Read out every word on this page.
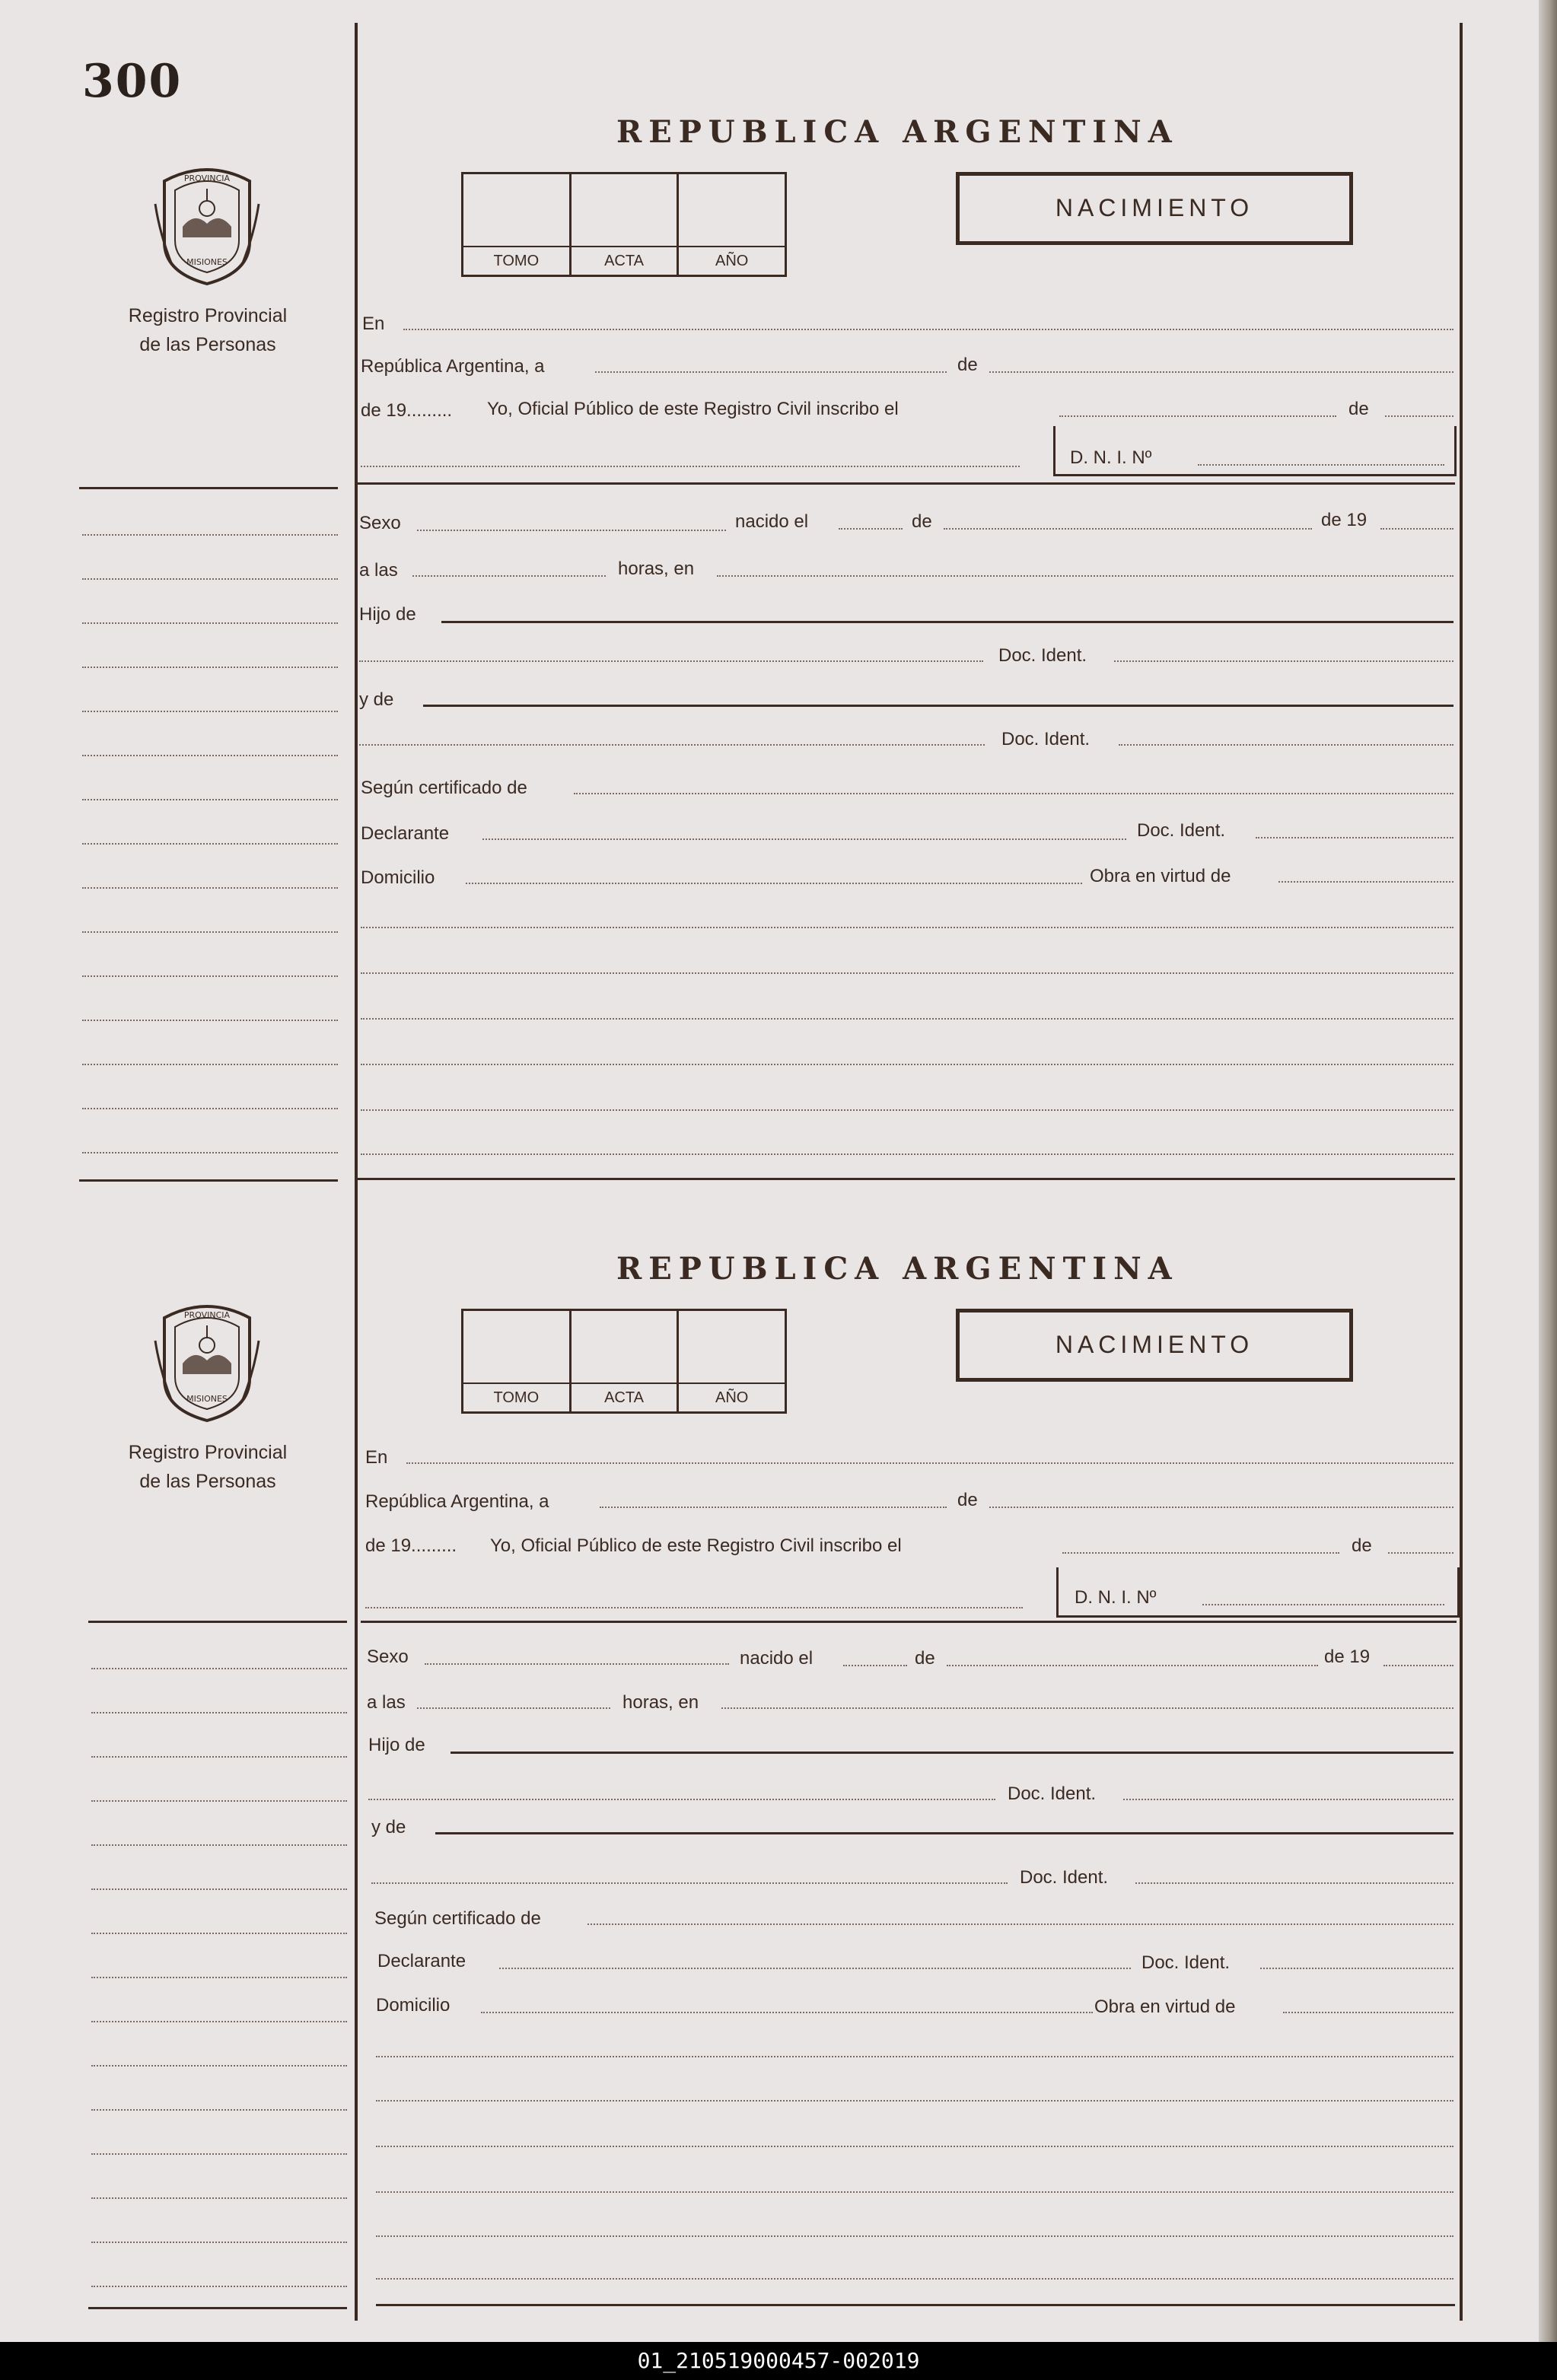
300
REPUBLICA ARGENTINA
TOMO	ACTA	AÑO
NACIMIENTO
PROVINCIA
MISIONES
Registro Provincial
de las Personas
En
República Argentina, a	de
de 19......... Yo, Oficial Público de este Registro Civil inscribo el	de
D. N. I. Nº
Sexo	nacido el	de	de 19
a las	horas, en
Hijo de
Doc. Ident.
y de
Doc. Ident.
Según certificado de
Declarante	Doc. Ident.
Domicilio	Obra en virtud de
REPUBLICA ARGENTINA
TOMO	ACTA	AÑO
NACIMIENTO
PROVINCIA
MISIONES
Registro Provincial
de las Personas
En
República Argentina, a	de
de 19......... Yo, Oficial Público de este Registro Civil inscribo el	de
D. N. I. Nº
Sexo	nacido el	de	de 19
a las	horas, en
Hijo de
Doc. Ident.
y de
Doc. Ident.
Según certificado de
Declarante	Doc. Ident.
Domicilio	Obra en virtud de
01_210519000457-002019
